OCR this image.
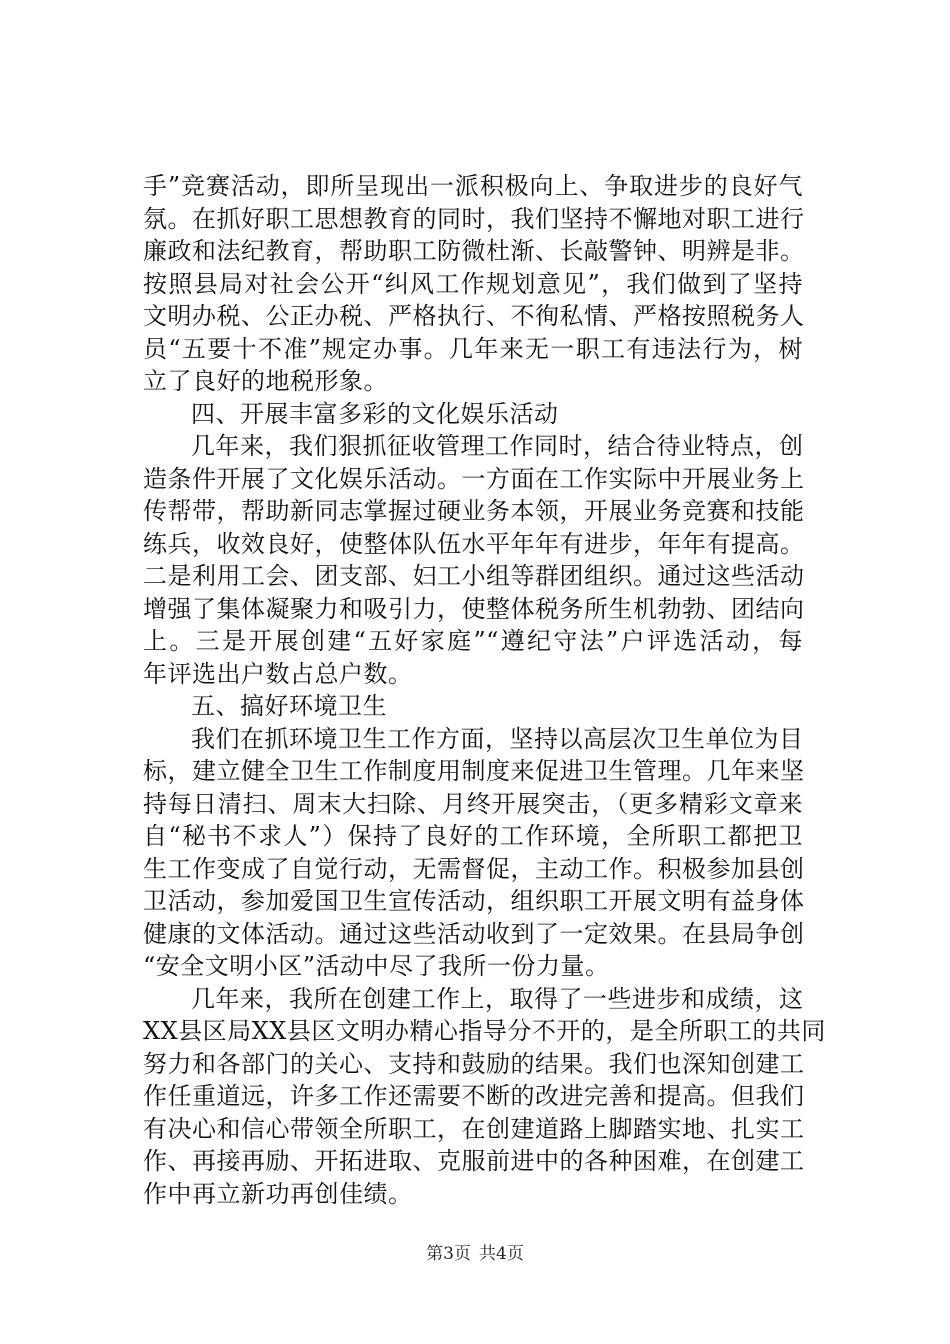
手”竞赛活动，即所呈现出一派积极向上、争取进步的良好气
氛。在抓好职工思想教育的同时，我们坚持不懈地对职工进行
廉政和法纪教育，帮助职工防微杜渐、长敲警钟、明辨是非。
按照县局对社会公开“纠风工作规划意见”，我们做到了坚持
文明办税、公正办税、严格执行、不徇私情、严格按照税务人
员“五要十不准”规定办事。几年来无一职工有违法行为，树
立了良好的地税形象。
四、开展丰富多彩的文化娱乐活动
几年来，我们狠抓征收管理工作同时，结合待业特点，创
造条件开展了文化娱乐活动。一方面在工作实际中开展业务上
传帮带，帮助新同志掌握过硬业务本领，开展业务竞赛和技能
练兵，收效良好，使整体队伍水平年年有进步，年年有提高。
二是利用工会、团支部、妇工小组等群团组织。通过这些活动
增强了集体凝聚力和吸引力，使整体税务所生机勃勃、团结向
上。三是开展创建“五好家庭”“遵纪守法”户评选活动，每
年评选出户数占总户数。
五、搞好环境卫生
我们在抓环境卫生工作方面，坚持以高层次卫生单位为目
标，建立健全卫生工作制度用制度来促进卫生管理。几年来坚
持每日清扫、周末大扫除、月终开展突击，（更多精彩文章来
自“秘书不求人”）保持了良好的工作环境，全所职工都把卫
生工作变成了自觉行动，无需督促，主动工作。积极参加县创
卫活动，参加爱国卫生宣传活动，组织职工开展文明有益身体
健康的文体活动。通过这些活动收到了一定效果。在县局争创
“安全文明小区”活动中尽了我所一份力量。
几年来，我所在创建工作上，取得了一些进步和成绩，这
XX县区局XX县区文明办精心指导分不开的，是全所职工的共同
努力和各部门的关心、支持和鼓励的结果。我们也深知创建工
作任重道远，许多工作还需要不断的改进完善和提高。但我们
有决心和信心带领全所职工，在创建道路上脚踏实地、扎实工
作、再接再励、开拓进取、克服前进中的各种困难，在创建工
作中再立新功再创佳绩。
第3页 共4页
